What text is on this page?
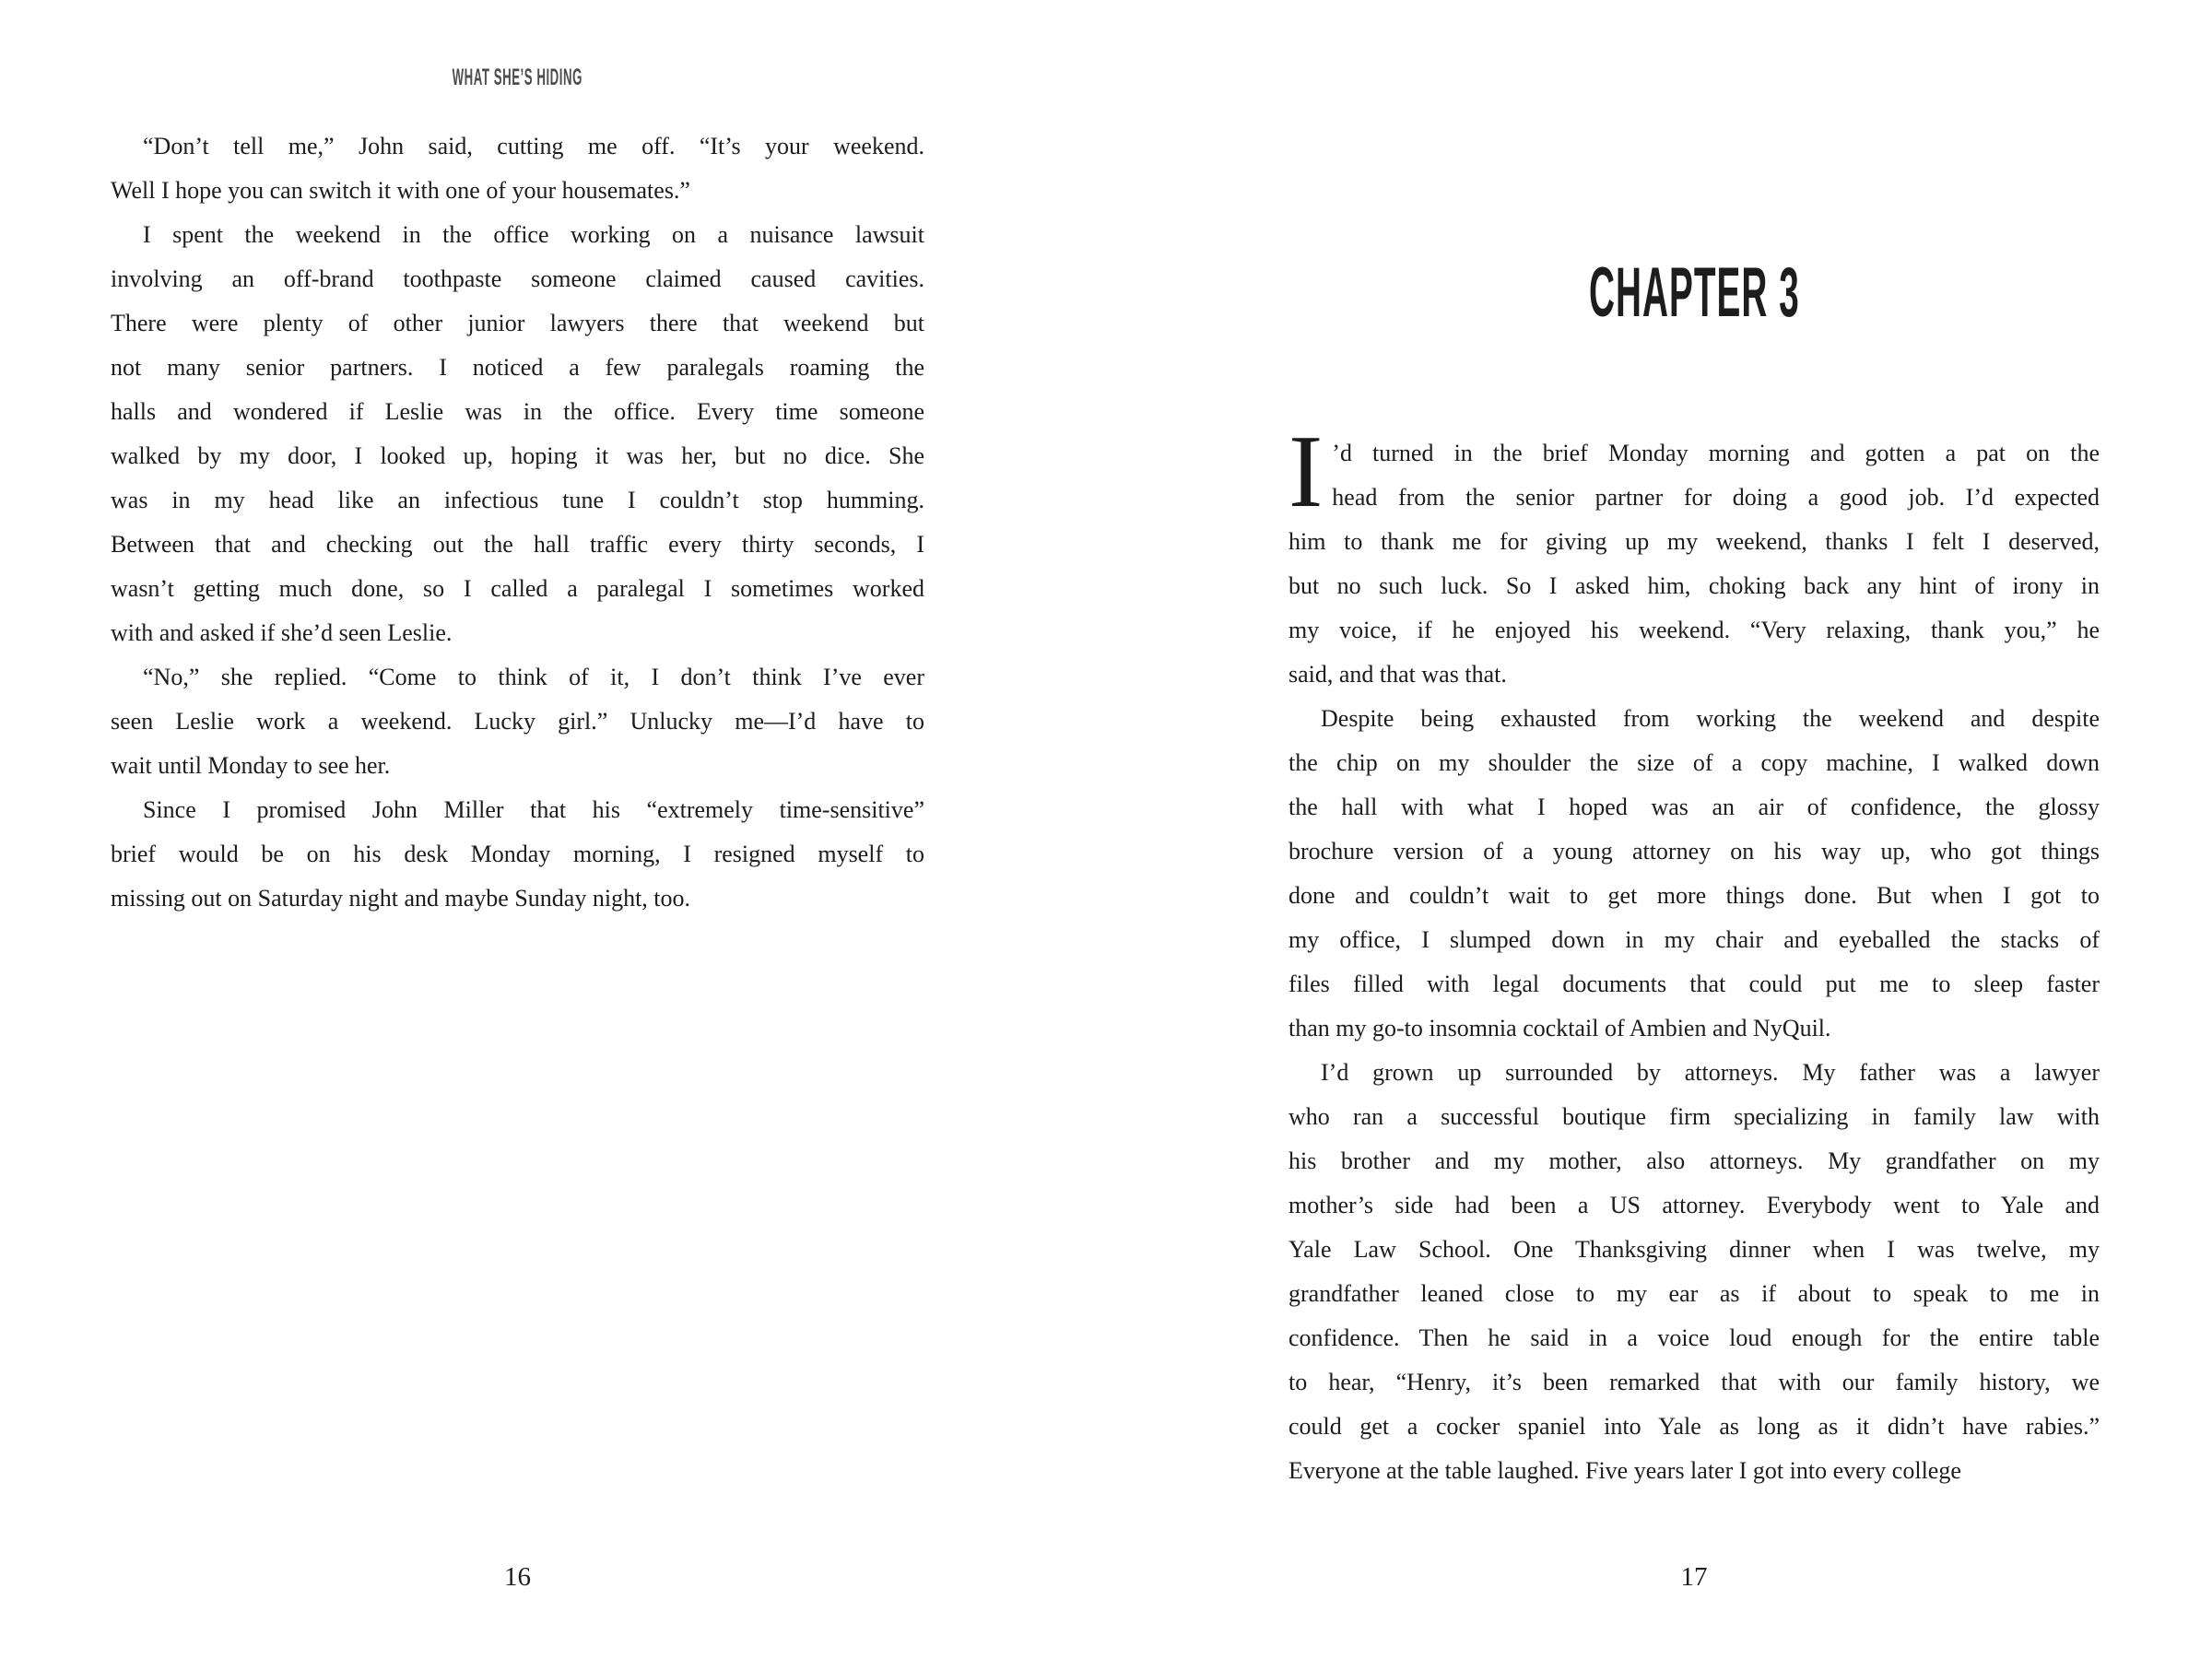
WHAT SHE’S HIDING
“Don’t tell me,” John said, cutting me off. “It’s your weekend.
Well I hope you can switch it with one of your housemates.”
I spent the weekend in the office working on a nuisance lawsuit
involving an off-brand toothpaste someone claimed caused cavities.
There were plenty of other junior lawyers there that weekend but
not many senior partners. I noticed a few paralegals roaming the
halls and wondered if Leslie was in the office. Every time someone
walked by my door, I looked up, hoping it was her, but no dice. She
was in my head like an infectious tune I couldn’t stop humming.
Between that and checking out the hall traffic every thirty seconds, I
wasn’t getting much done, so I called a paralegal I sometimes worked
with and asked if she’d seen Leslie.
“No,” she replied. “Come to think of it, I don’t think I’ve ever
seen Leslie work a weekend. Lucky girl.” Unlucky me—I’d have to
wait until Monday to see her.
Since I promised John Miller that his “extremely time-sensitive”
brief would be on his desk Monday morning, I resigned myself to
missing out on Saturday night and maybe Sunday night, too.
16
CHAPTER 3
I ’d turned in the brief Monday morning and gotten a pat on the
head from the senior partner for doing a good job. I’d expected
him to thank me for giving up my weekend, thanks I felt I deserved,
but no such luck. So I asked him, choking back any hint of irony in
my voice, if he enjoyed his weekend. “Very relaxing, thank you,” he
said, and that was that.
Despite being exhausted from working the weekend and despite
the chip on my shoulder the size of a copy machine, I walked down
the hall with what I hoped was an air of confidence, the glossy
brochure version of a young attorney on his way up, who got things
done and couldn’t wait to get more things done. But when I got to
my office, I slumped down in my chair and eyeballed the stacks of
files filled with legal documents that could put me to sleep faster
than my go-to insomnia cocktail of Ambien and NyQuil.
I’d grown up surrounded by attorneys. My father was a lawyer
who ran a successful boutique firm specializing in family law with
his brother and my mother, also attorneys. My grandfather on my
mother’s side had been a US attorney. Everybody went to Yale and
Yale Law School. One Thanksgiving dinner when I was twelve, my
grandfather leaned close to my ear as if about to speak to me in
confidence. Then he said in a voice loud enough for the entire table
to hear, “Henry, it’s been remarked that with our family history, we
could get a cocker spaniel into Yale as long as it didn’t have rabies.”
Everyone at the table laughed. Five years later I got into every college
17
